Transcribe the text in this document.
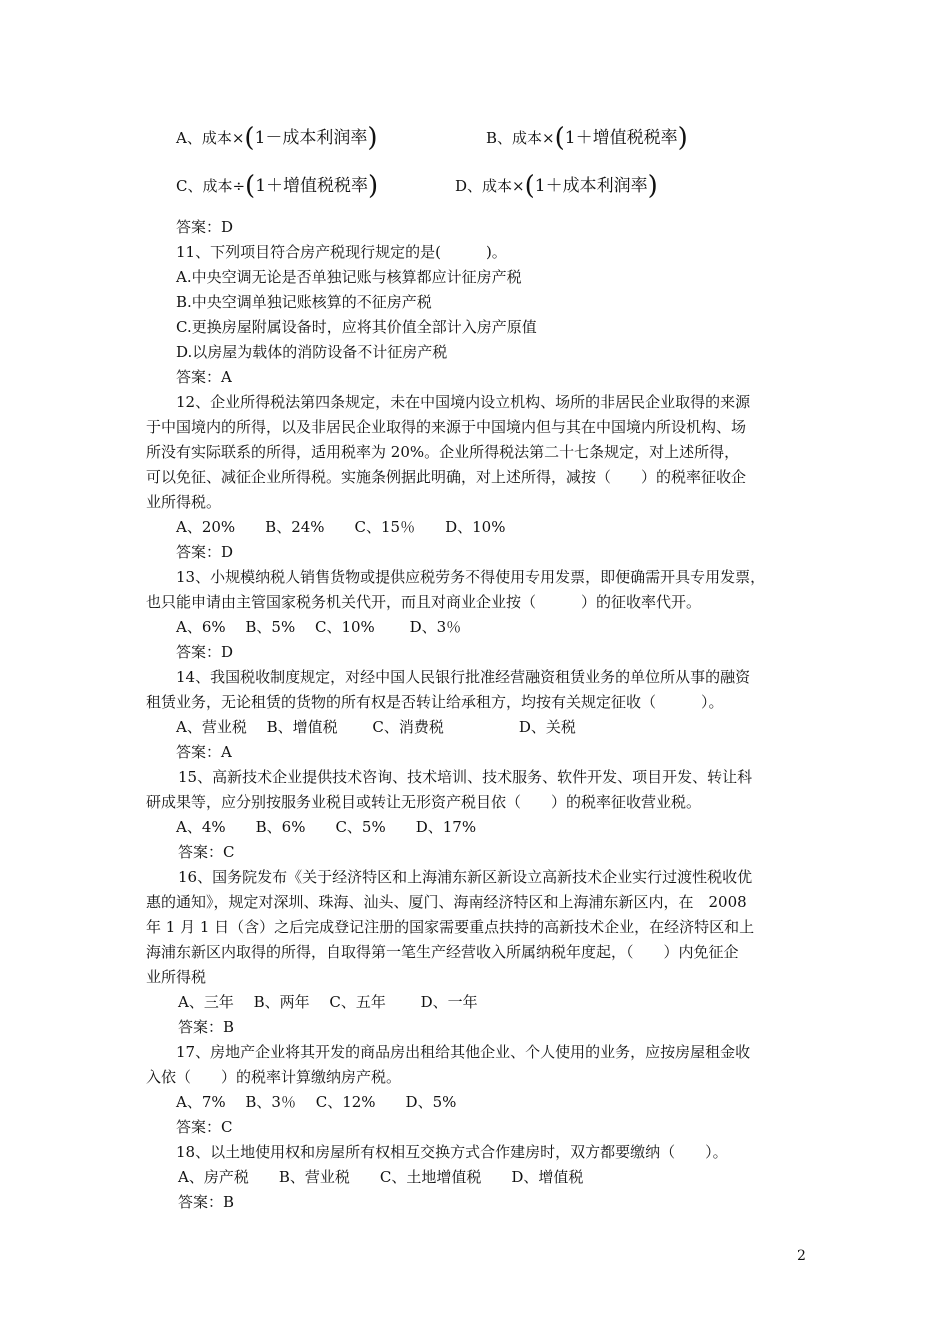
A、成本×(1－成本利润率)	B、成本×(1＋增值税税率)
C、成本÷(1＋增值税税率)	D、成本×(1＋成本利润率)
答案：D
11、下列项目符合房产税现行规定的是(　　　)。
A.中央空调无论是否单独记账与核算都应计征房产税
B.中央空调单独记账核算的不征房产税
C.更换房屋附属设备时，应将其价值全部计入房产原值
D.以房屋为载体的消防设备不计征房产税
答案：A
12、企业所得税法第四条规定，未在中国境内设立机构、场所的非居民企业取得的来源
于中国境内的所得，以及非居民企业取得的来源于中国境内但与其在中国境内所设机构、场
所没有实际联系的所得，适用税率为 20%。企业所得税法第二十七条规定，对上述所得，
可以免征、减征企业所得税。实施条例据此明确，对上述所得，减按（　　）的税率征收企
业所得税。
A、20%　　B、24%　　C、15％　　D、10%
答案：D
13、小规模纳税人销售货物或提供应税劳务不得使用专用发票，即便确需开具专用发票，
也只能申请由主管国家税务机关代开，而且对商业企业按（　　　）的征收率代开。
A、6%　 B、5%　 C、10%　　 D、3％
答案：D
14、我国税收制度规定，对经中国人民银行批准经营融资租赁业务的单位所从事的融资
租赁业务，无论租赁的货物的所有权是否转让给承租方，均按有关规定征收（　　　）。
A、营业税　 B、增值税　　 C、消费税　　　　　D、关税
答案：A
15、高新技术企业提供技术咨询、技术培训、技术服务、软件开发、项目开发、转让科
研成果等，应分别按服务业税目或转让无形资产税目依（　　）的税率征收营业税。
A、4%　　B、6%　　C、5%　　D、17%
答案：C
16、国务院发布《关于经济特区和上海浦东新区新设立高新技术企业实行过渡性税收优
惠的通知》，规定对深圳、珠海、汕头、厦门、海南经济特区和上海浦东新区内，在　2008
年 1 月 1 日（含）之后完成登记注册的国家需要重点扶持的高新技术企业，在经济特区和上
海浦东新区内取得的所得，自取得第一笔生产经营收入所属纳税年度起，（　　）内免征企
业所得税
A、三年　 B、两年　 C、五年　　 D、一年
答案：B
17、房地产企业将其开发的商品房出租给其他企业、个人使用的业务，应按房屋租金收
入依（　　）的税率计算缴纳房产税。
A、7%　 B、3％　 C、12%　　D、5%
答案：C
18、以土地使用权和房屋所有权相互交换方式合作建房时，双方都要缴纳（　　）。
A、房产税　　B、营业税　　C、土地增值税　　D、增值税
答案：B
2
